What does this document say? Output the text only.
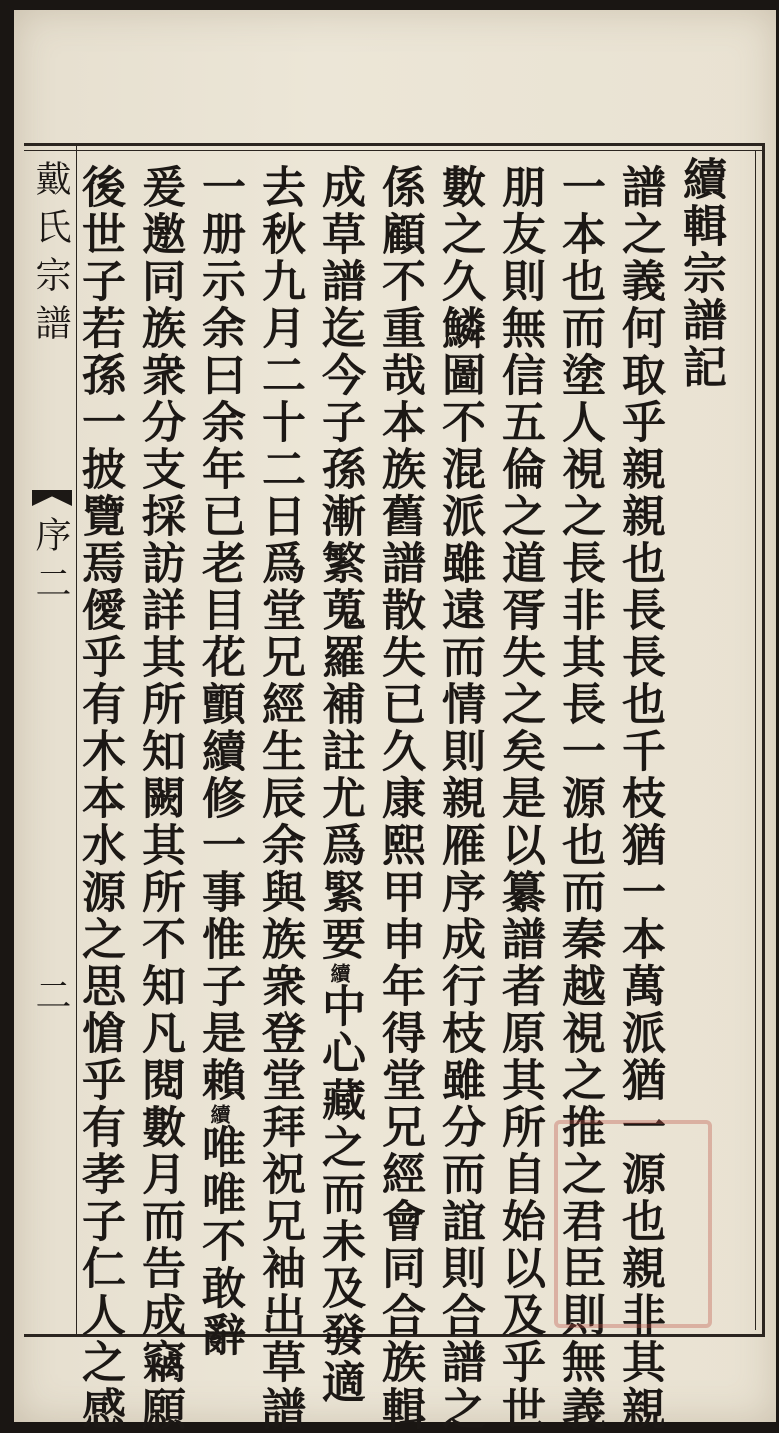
戴氏宗譜
序二
二
續輯宗譜記
譜之義何取乎親親也長長也千枝猶一本萬派猶一源也親非其親
一本也而塗人視之長非其長一源也而秦越視之推之君臣則無義
朋友則無信五倫之道胥失之矣是以纂譜者原其所自始以及乎世
數之久鱗圖不混派雖遠而情則親雁序成行枝雖分而誼則合譜之
係顧不重哉本族舊譜散失已久康熙甲申年得堂兄經會同合族輯
成草譜迄今子孫漸繁蒐羅補註尤爲緊要續中心藏之而未及發適
去秋九月二十二日爲堂兄經生辰余與族衆登堂拜祝兄袖出草譜
一册示余曰余年已老目花顫續修一事惟子是賴續唯唯不敢辭
爰邀同族衆分支採訪詳其所知闕其所不知凡閱數月而告成竊願
後世子若孫一披覽焉僾乎有木本水源之思愴乎有孝子仁人之感
